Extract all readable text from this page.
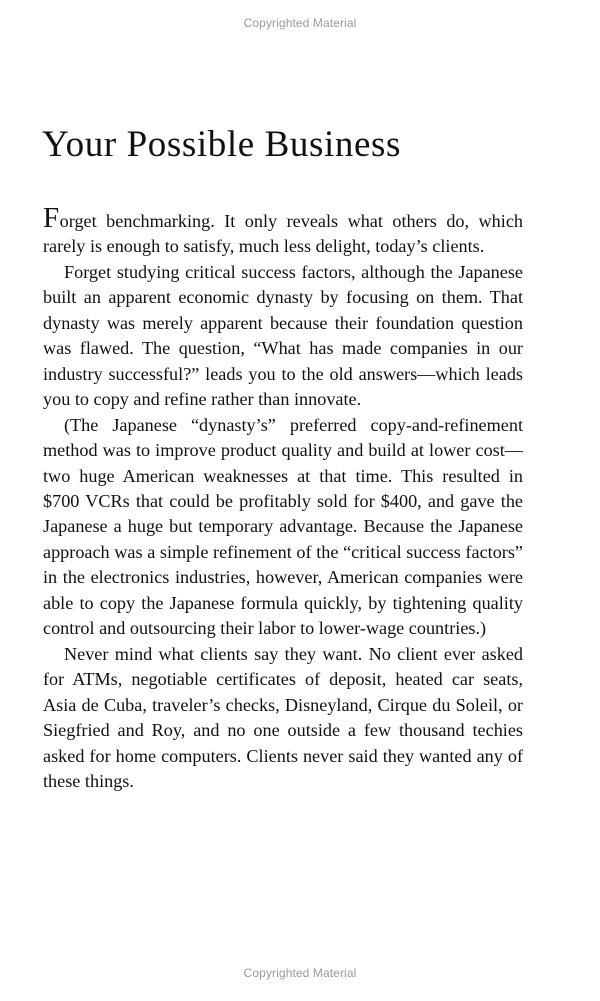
Copyrighted Material
Your Possible Business

Forget benchmarking. It only reveals what others do, which rarely is enough to satisfy, much less delight, today’s clients.

Forget studying critical success factors, although the Japanese built an apparent economic dynasty by focusing on them. That dynasty was merely apparent because their foundation question was flawed. The question, “What has made companies in our industry successful?” leads you to the old answers—which leads you to copy and refine rather than innovate.

(The Japanese “dynasty’s” preferred copy-and-refinement method was to improve product quality and build at lower cost—two huge American weaknesses at that time. This resulted in $700 VCRs that could be profitably sold for $400, and gave the Japanese a huge but temporary advantage. Because the Japanese approach was a simple refinement of the “critical success factors” in the electronics industries, however, American companies were able to copy the Japanese formula quickly, by tightening quality control and outsourcing their labor to lower-wage countries.)

Never mind what clients say they want. No client ever asked for ATMs, negotiable certificates of deposit, heated car seats, Asia de Cuba, traveler’s checks, Disneyland, Cirque du Soleil, or Siegfried and Roy, and no one outside a few thousand techies asked for home computers. Clients never said they wanted any of these things.

Copyrighted Material
